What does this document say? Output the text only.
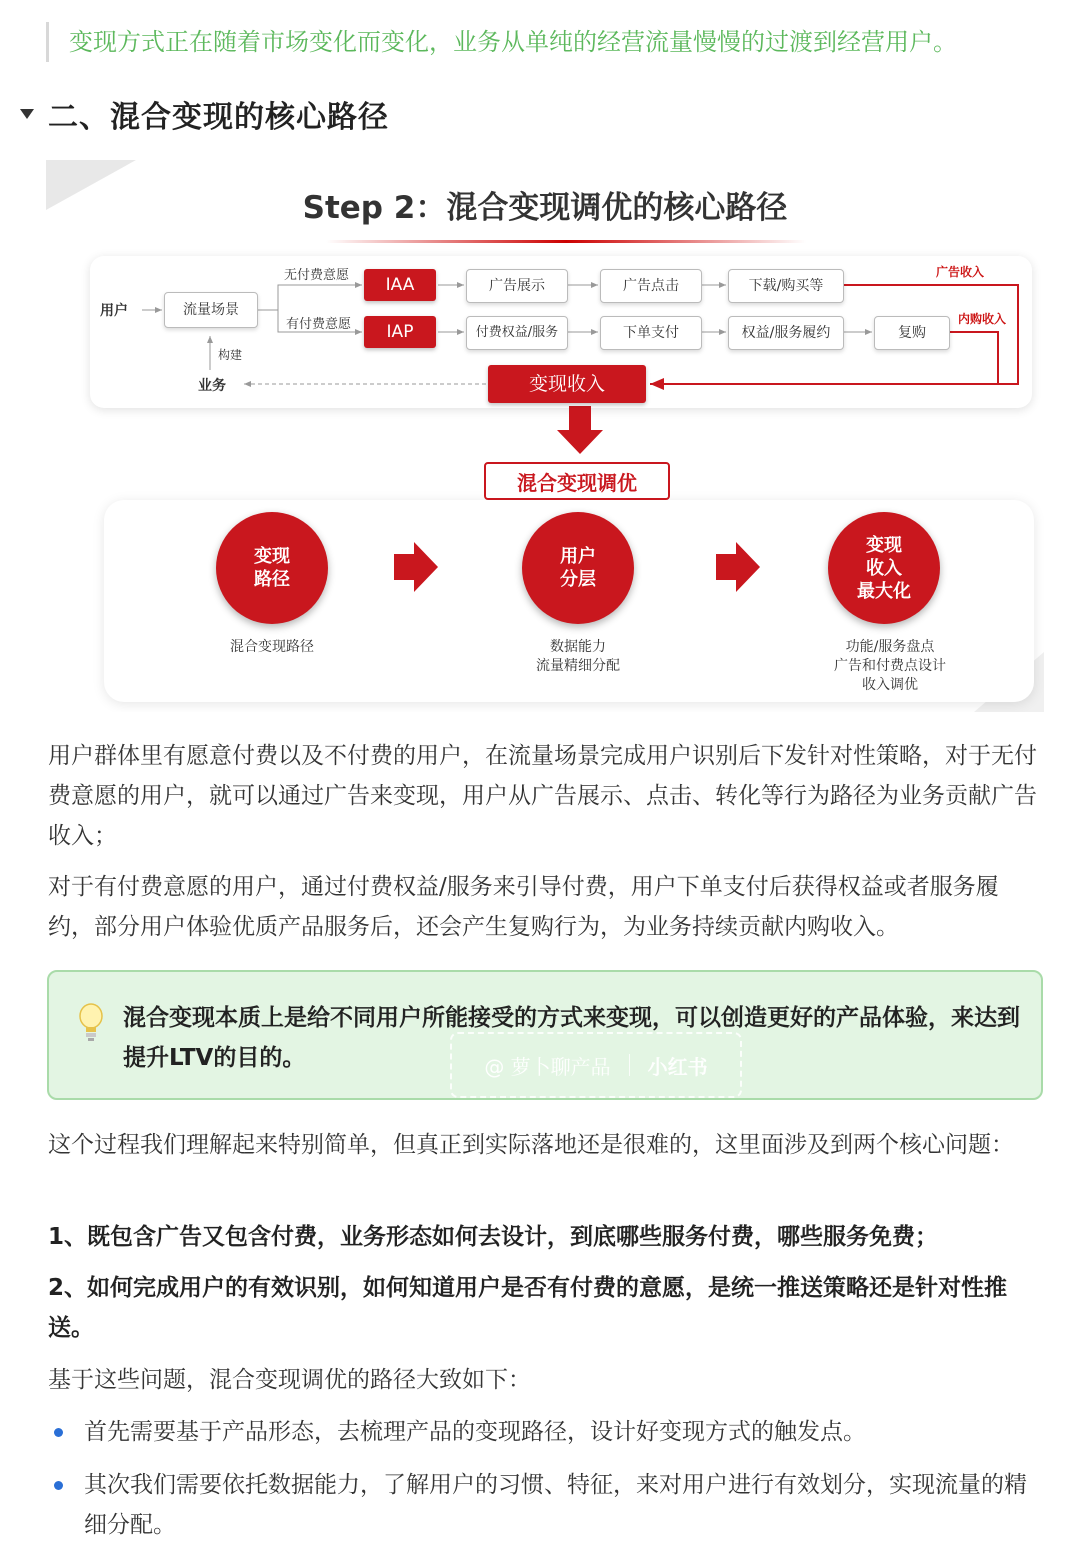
变现方式正在随着市场变化而变化，业务从单纯的经营流量慢慢的过渡到经营用户。
二、混合变现的核心路径
Step 2：混合变现调优的核心路径
用户	流量场景
构建
业务
无付费意愿
有付费意愿
IAA
IAP
广告展示	广告点击	下载/购买等
付费权益/服务	下单支付	权益/服务履约	复购
广告收入
内购收入
变现收入
混合变现调优
变现
路径
用户
分层
变现
收入
最大化
混合变现路径	数据能力
流量精细分配
功能/服务盘点
广告和付费点设计
收入调优
用户群体里有愿意付费以及不付费的用户，在流量场景完成用户识别后下发针对性策略，对于无付费意愿的用户，就可以通过广告来变现，用户从广告展示、点击、转化等行为路径为业务贡献广告收入；
对于有付费意愿的用户，通过付费权益/服务来引导付费，用户下单支付后获得权益或者服务履约，部分用户体验优质产品服务后，还会产生复购行为，为业务持续贡献内购收入。
混合变现本质上是给不同用户所能接受的方式来变现，可以创造更好的产品体验，来达到提升LTV的目的。	@ 萝卜聊产品 小红书
这个过程我们理解起来特别简单，但真正到实际落地还是很难的，这里面涉及到两个核心问题：
1、既包含广告又包含付费，业务形态如何去设计，到底哪些服务付费，哪些服务免费；
2、如何完成用户的有效识别，如何知道用户是否有付费的意愿，是统一推送策略还是针对性推送。
基于这些问题，混合变现调优的路径大致如下：
首先需要基于产品形态，去梳理产品的变现路径，设计好变现方式的触发点。
其次我们需要依托数据能力，了解用户的习惯、特征，来对用户进行有效划分，实现流量的精细分配。
